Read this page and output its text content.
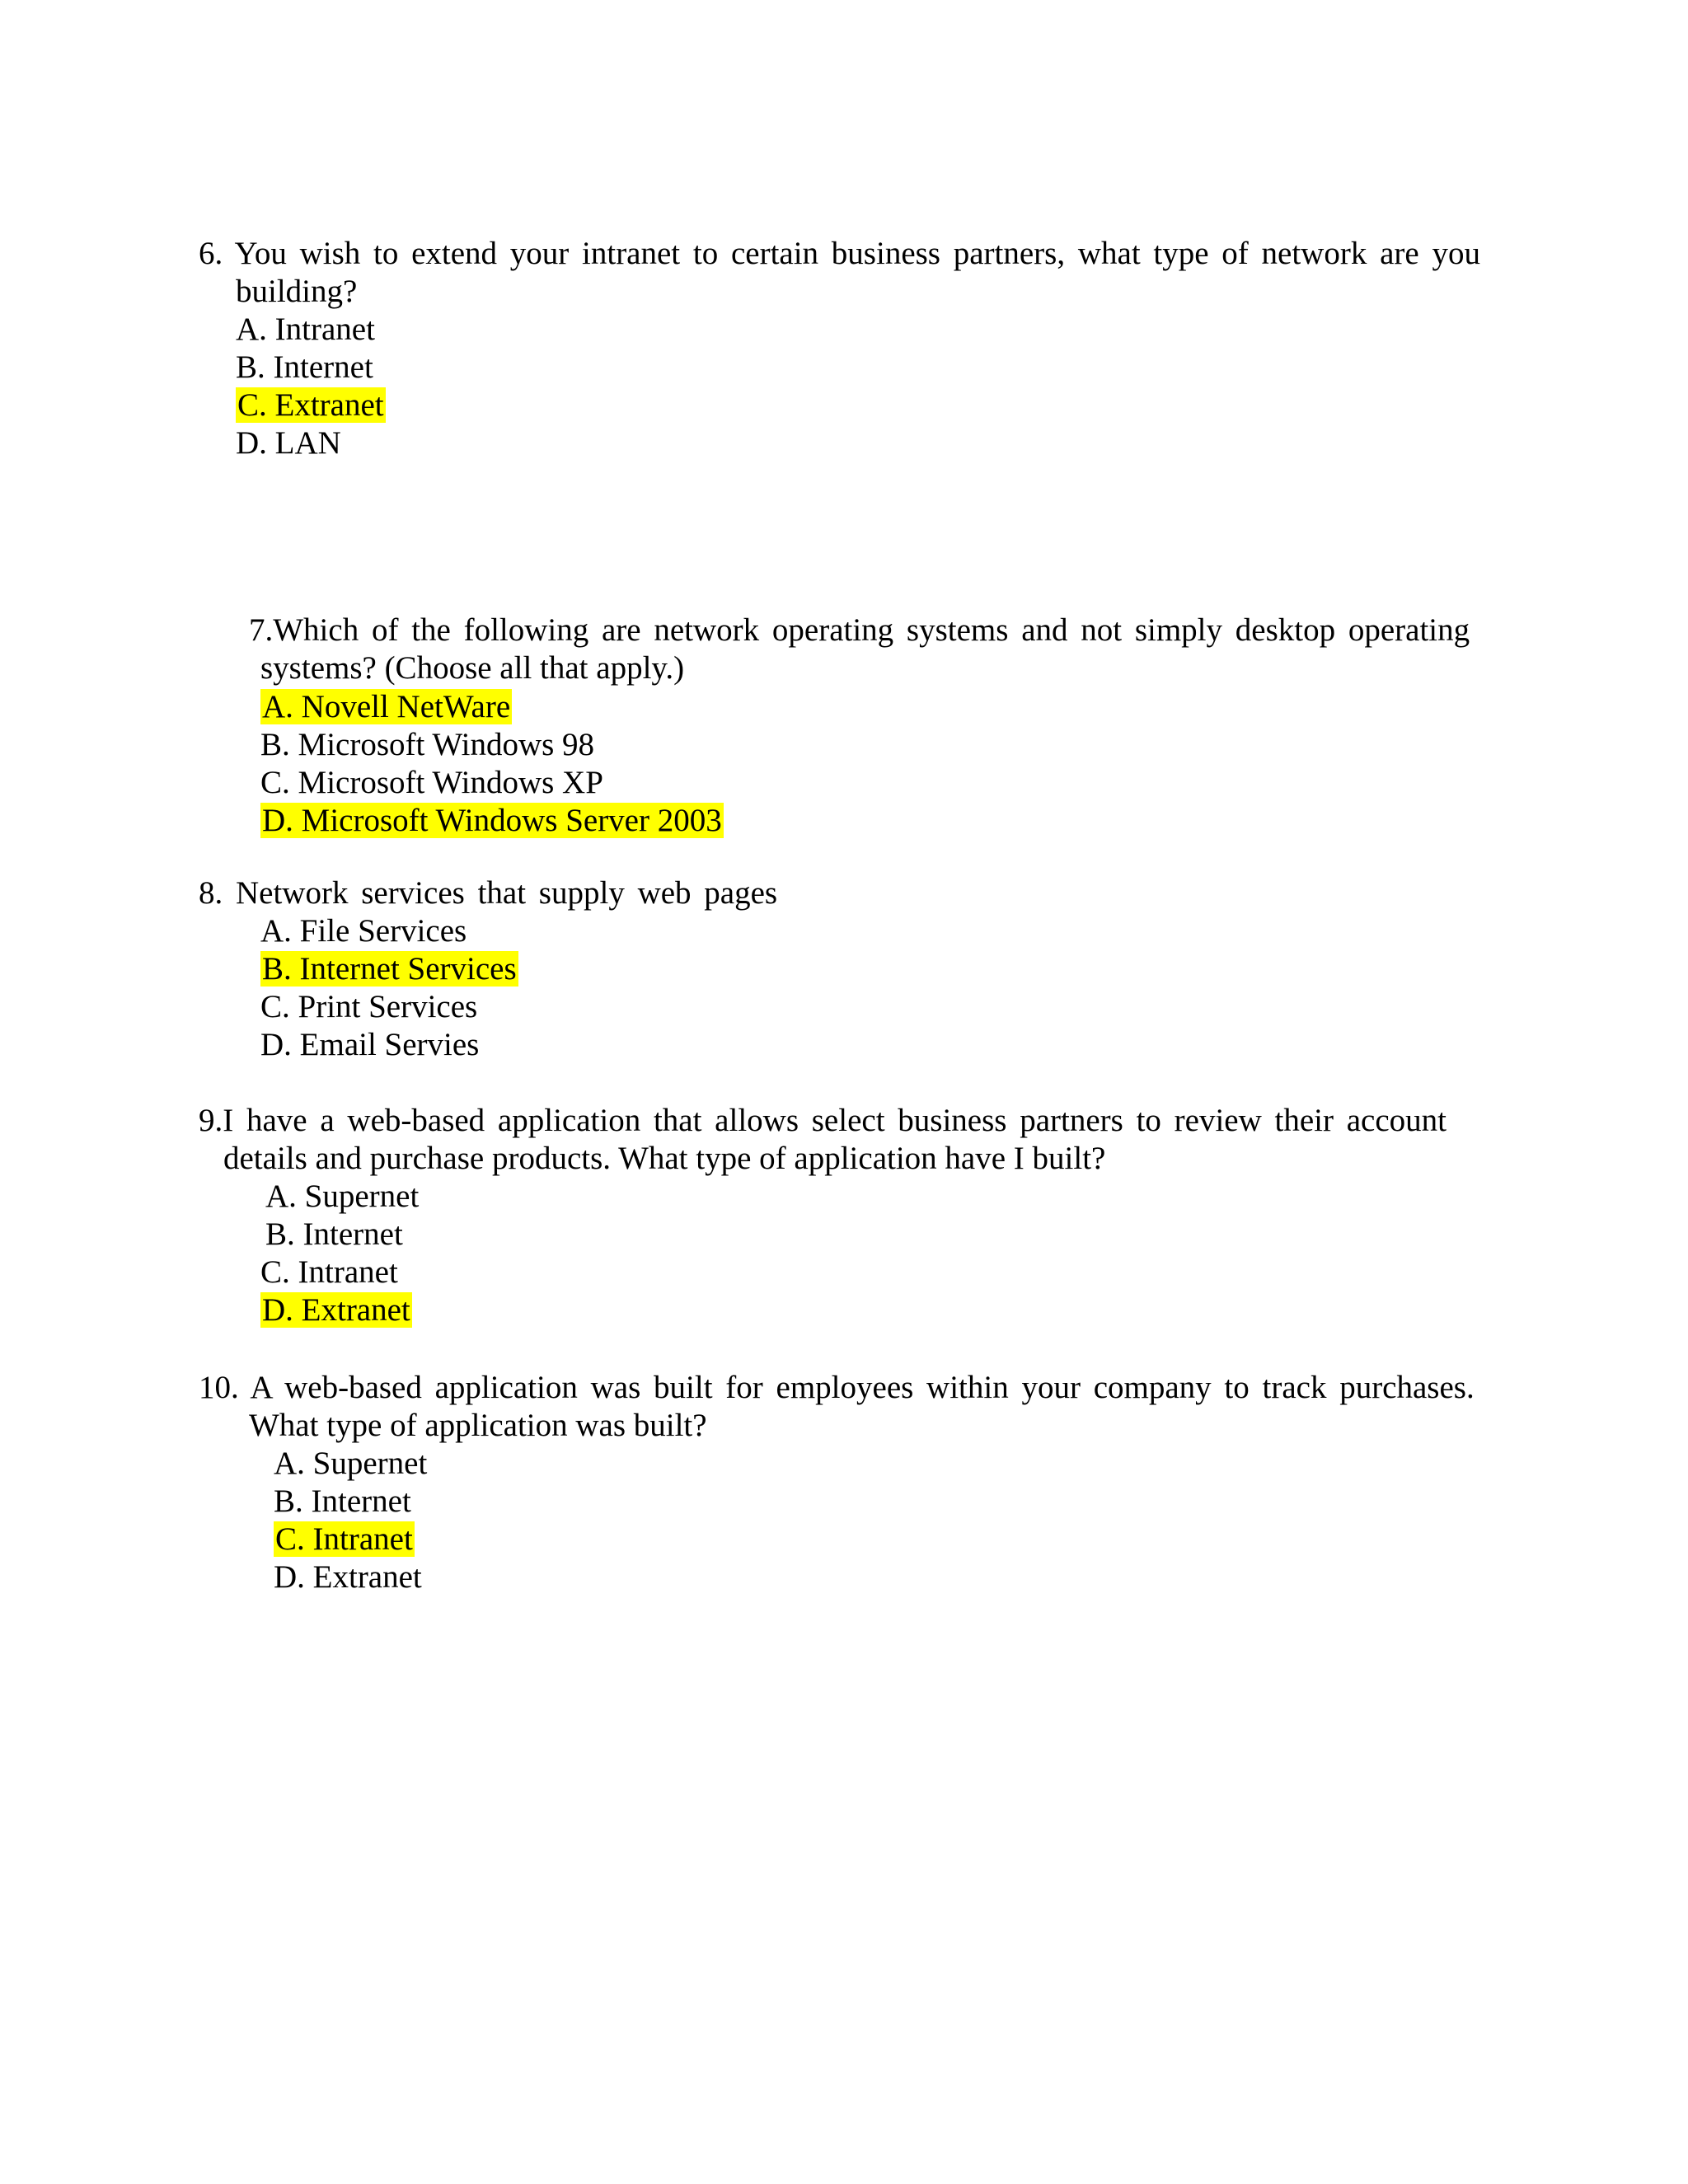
6. You wish to extend your intranet to certain business partners, what type of network are you
building?
A. Intranet
B. Internet
C. Extranet
D. LAN
7.Which of the following are network operating systems and not simply desktop operating
systems? (Choose all that apply.)
A. Novell NetWare
B. Microsoft Windows 98
C. Microsoft Windows XP
D. Microsoft Windows Server 2003
8. Network services that supply web pages
A. File Services
B. Internet Services
C. Print Services
D. Email Servies
9.I have a web-based application that allows select business partners to review their account
details and purchase products. What type of application have I built?
A. Supernet
B. Internet
C. Intranet
D. Extranet
10. A web-based application was built for employees within your company to track purchases.
What type of application was built?
A. Supernet
B. Internet
C. Intranet
D. Extranet
